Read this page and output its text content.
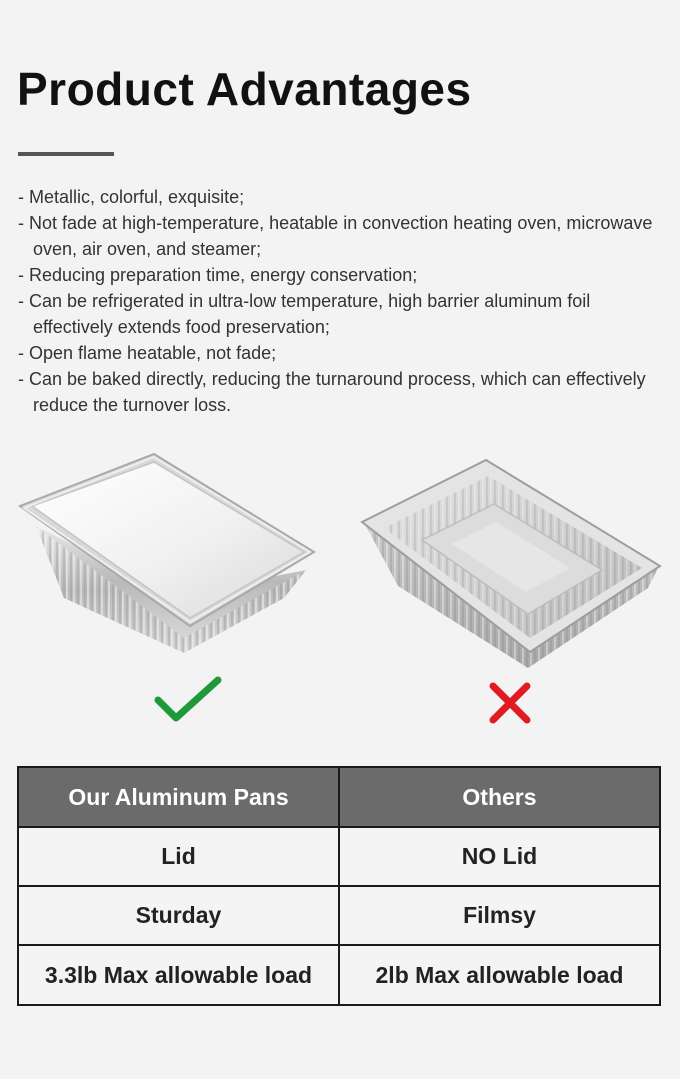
Product Advantages

- Metallic, colorful, exquisite;

- Not fade at high-temperature, heatable in convection heating oven, microwave oven, air oven, and steamer;

- Reducing preparation time, energy conservation;

- Can be refrigerated in ultra-low temperature, high barrier aluminum foil effectively extends food preservation;

- Open flame heatable, not fade;

- Can be baked directly, reducing the turnaround process, which can effectively reduce the turnover loss.

Our Aluminum Pans	Others
Lid	NO Lid
Sturday	Filmsy
3.3lb Max allowable load	2lb Max allowable load
